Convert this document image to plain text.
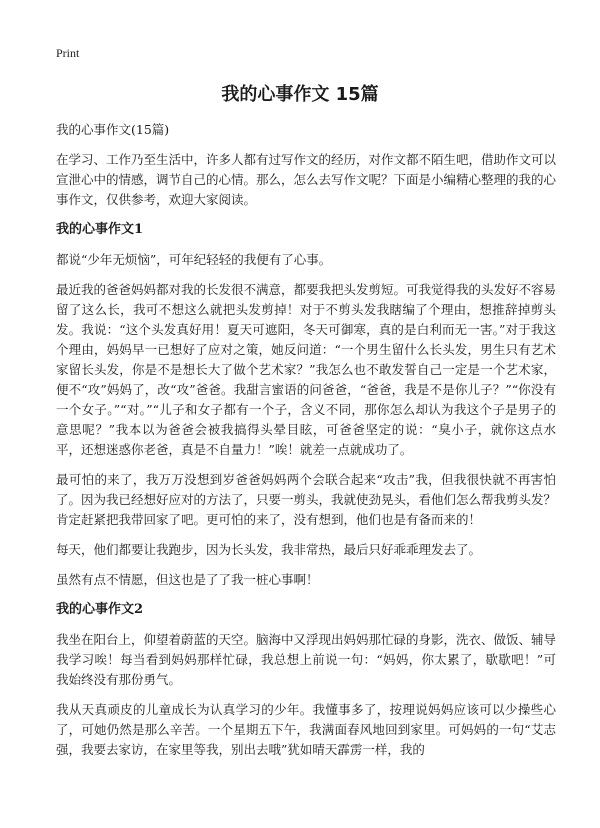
Print
我的心事作文 15篇

我的心事作文(15篇)

在学习、工作乃至生活中，许多人都有过写作文的经历，对作文都不陌生吧，借助作文可以宣泄心中的情感，调节自己的心情。那么，怎么去写作文呢？下面是小编精心整理的我的心事作文，仅供参考，欢迎大家阅读。

我的心事作文1

都说“少年无烦恼”，可年纪轻轻的我便有了心事。

最近我的爸爸妈妈都对我的长发很不满意，都要我把头发剪短。可我觉得我的头发好不容易留了这么长，我可不想这么就把头发剪掉！对于不剪头发我瞎编了个理由，想推辞掉剪头发。我说：“这个头发真好用！夏天可遮阳，冬天可御寒，真的是白利而无一害。”对于我这个理由，妈妈早一已想好了应对之策，她反问道：“一个男生留什么长头发，男生只有艺术家留长头发，你是不是想长大了做个艺术家？”我怎么也不敢发誓自己一定是一个艺术家，便不“攻”妈妈了，改“攻”爸爸。我甜言蜜语的问爸爸，“爸爸，我是不是你儿子？”“你没有一个女子。”“对。”“儿子和女子都有一个子，含义不同，那你怎么却认为我这个子是男子的意思呢？”我本以为爸爸会被我搞得头晕目眩，可爸爸坚定的说：“臭小子，就你这点水平，还想迷惑你老爸，真是不自量力！”唉！就差一点就成功了。

最可怕的来了，我万万没想到岁爸爸妈妈两个会联合起来“攻击”我，但我很快就不再害怕了。因为我已经想好应对的方法了，只要一剪头，我就使劲晃头，看他们怎么帮我剪头发？肯定赶紧把我带回家了吧。更可怕的来了，没有想到，他们也是有备而来的！

每天，他们都要让我跑步，因为长头发，我非常热，最后只好乖乖理发去了。

虽然有点不情愿，但这也是了了我一桩心事啊！

我的心事作文2

我坐在阳台上，仰望着蔚蓝的天空。脑海中又浮现出妈妈那忙碌的身影，洗衣、做饭、辅导我学习唉！每当看到妈妈那样忙碌，我总想上前说一句：“妈妈，你太累了，歇歇吧！”可我始终没有那份勇气。

我从天真顽皮的儿童成长为认真学习的少年。我懂事多了，按理说妈妈应该可以少操些心了，可她仍然是那么辛苦。一个星期五下午，我满面春风地回到家里。可妈妈的一句“艾志强，我要去家访，在家里等我，别出去哦”犹如晴天霹雳一样，我的
